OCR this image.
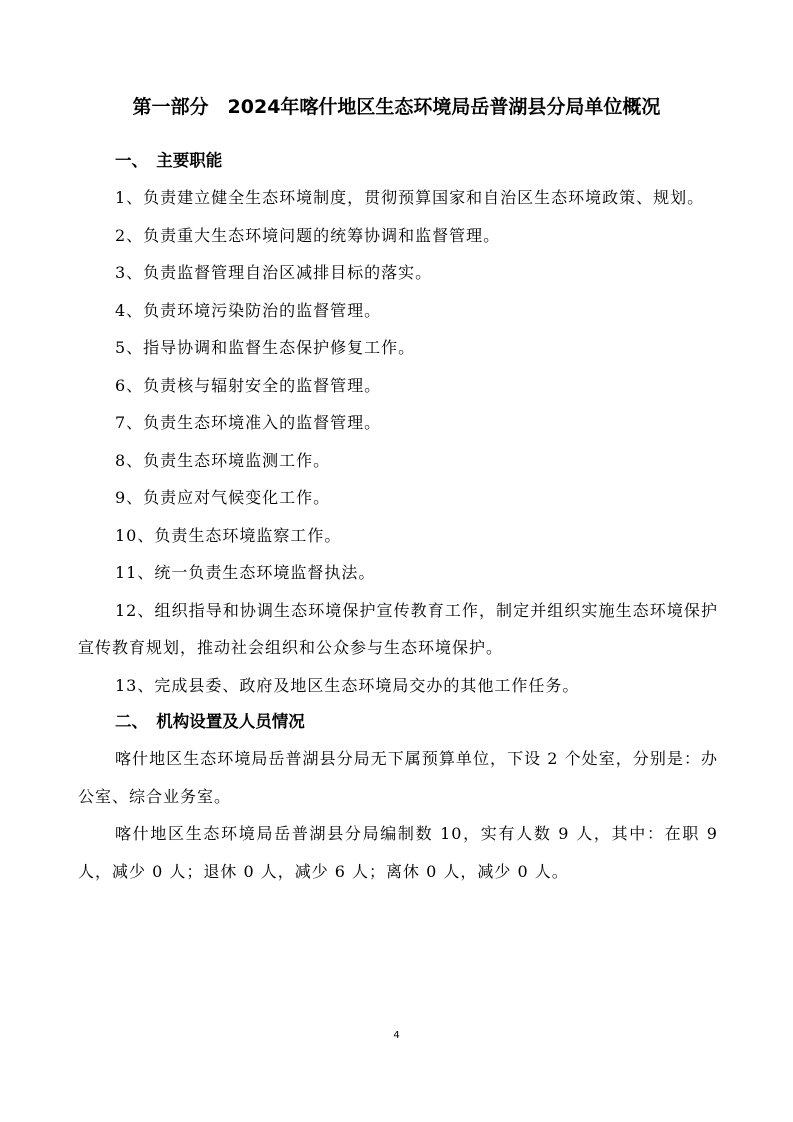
第一部分　2024年喀什地区生态环境局岳普湖县分局单位概况
一、　主要职能

1、负责建立健全生态环境制度，贯彻预算国家和自治区生态环境政策、规划。

2、负责重大生态环境问题的统筹协调和监督管理。

3、负责监督管理自治区减排目标的落实。

4、负责环境污染防治的监督管理。

5、指导协调和监督生态保护修复工作。

6、负责核与辐射安全的监督管理。

7、负责生态环境准入的监督管理。

8、负责生态环境监测工作。

9、负责应对气候变化工作。

10、负责生态环境监察工作。

11、统一负责生态环境监督执法。

12、组织指导和协调生态环境保护宣传教育工作，制定并组织实施生态环境保护宣传教育规划，推动社会组织和公众参与生态环境保护。

13、完成县委、政府及地区生态环境局交办的其他工作任务。

二、　机构设置及人员情况

喀什地区生态环境局岳普湖县分局无下属预算单位，下设 2 个处室，分别是：办公室、综合业务室。

喀什地区生态环境局岳普湖县分局编制数 10，实有人数 9 人，其中：在职 9 人，减少 0 人；退休 0 人，减少 6 人；离休 0 人，减少 0 人。

4
